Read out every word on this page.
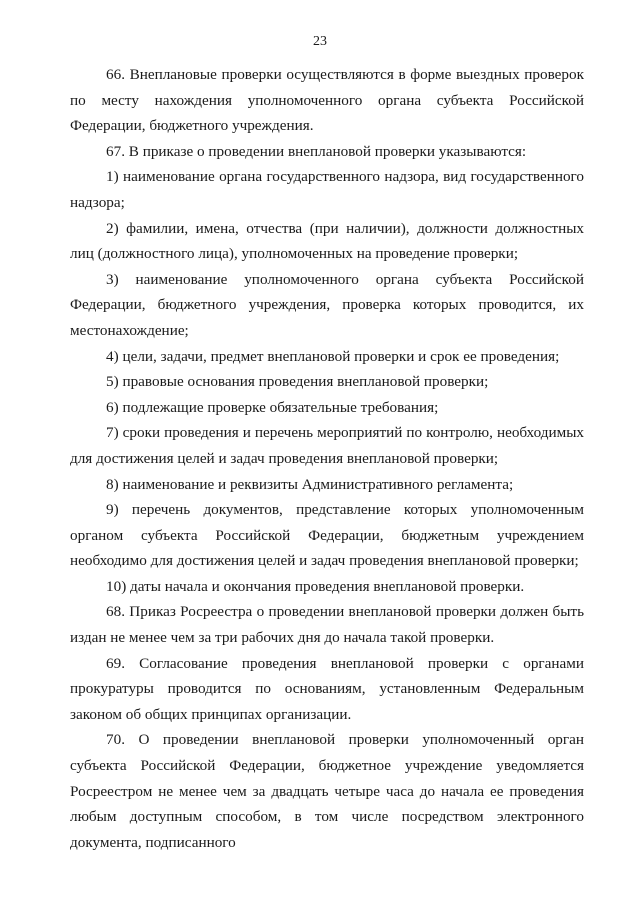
23

66. Внеплановые проверки осуществляются в форме выездных проверок по месту нахождения уполномоченного органа субъекта Российской Федерации, бюджетного учреждения.

67. В приказе о проведении внеплановой проверки указываются:

1) наименование органа государственного надзора, вид государственного надзора;

2) фамилии, имена, отчества (при наличии), должности должностных лиц (должностного лица), уполномоченных на проведение проверки;

3) наименование уполномоченного органа субъекта Российской Федерации, бюджетного учреждения, проверка которых проводится, их местонахождение;

4) цели, задачи, предмет внеплановой проверки и срок ее проведения;

5) правовые основания проведения внеплановой проверки;

6) подлежащие проверке обязательные требования;

7) сроки проведения и перечень мероприятий по контролю, необходимых для достижения целей и задач проведения внеплановой проверки;

8) наименование и реквизиты Административного регламента;

9) перечень документов, представление которых уполномоченным органом субъекта Российской Федерации, бюджетным учреждением необходимо для достижения целей и задач проведения внеплановой проверки;

10) даты начала и окончания проведения внеплановой проверки.

68. Приказ Росреестра о проведении внеплановой проверки должен быть издан не менее чем за три рабочих дня до начала такой проверки.

69. Согласование проведения внеплановой проверки с органами прокуратуры проводится по основаниям, установленным Федеральным законом об общих принципах организации.

70. О проведении внеплановой проверки уполномоченный орган субъекта Российской Федерации, бюджетное учреждение уведомляется Росреестром не менее чем за двадцать четыре часа до начала ее проведения любым доступным способом, в том числе посредством электронного документа, подписанного
